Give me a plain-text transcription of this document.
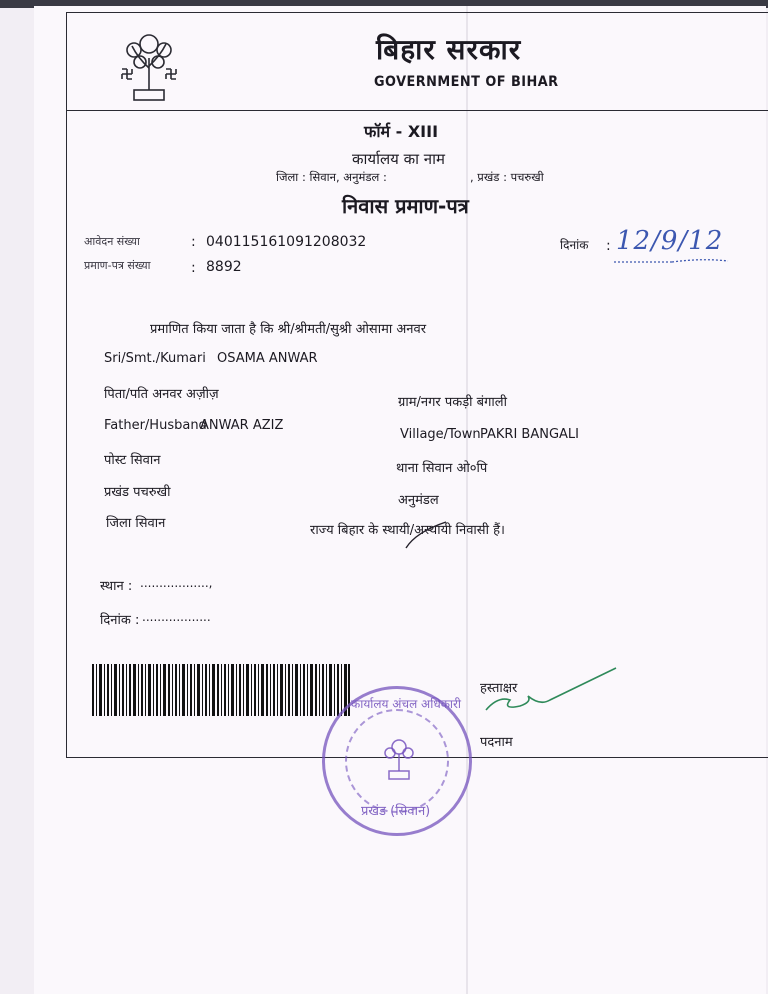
बिहार सरकार
GOVERNMENT OF BIHAR
फॉर्म - XIII
कार्यालय का नाम
जिला : सिवान, अनुमंडल :	, प्रखंड : पचरुखी
निवास प्रमाण-पत्र
आवेदन संख्या	: 040115161091208032
प्रमाण-पत्र संख्या	: 8892
दिनांक : 12/9/12
प्रमाणित किया जाता है कि श्री/श्रीमती/सुश्री ओसामा अनवर
Sri/Smt./Kumari OSAMA ANWAR
पिता/पति अनवर अज़ीज़
ग्राम/नगर पकड़ी बंगाली
Father/Husband
ANWAR AZIZ
Village/Town PAKRI BANGALI
पोस्ट सिवान
थाना सिवान ओ०पि
प्रखंड पचरुखी
अनुमंडल
जिला सिवान	राज्य बिहार के स्थायी/अस्थायी निवासी हैं।
स्थान : ..................,
दिनांक : ..................
कार्यालय अंचल अधिकारी
प्रखंड (सिवान)
हस्ताक्षर
पदनाम
